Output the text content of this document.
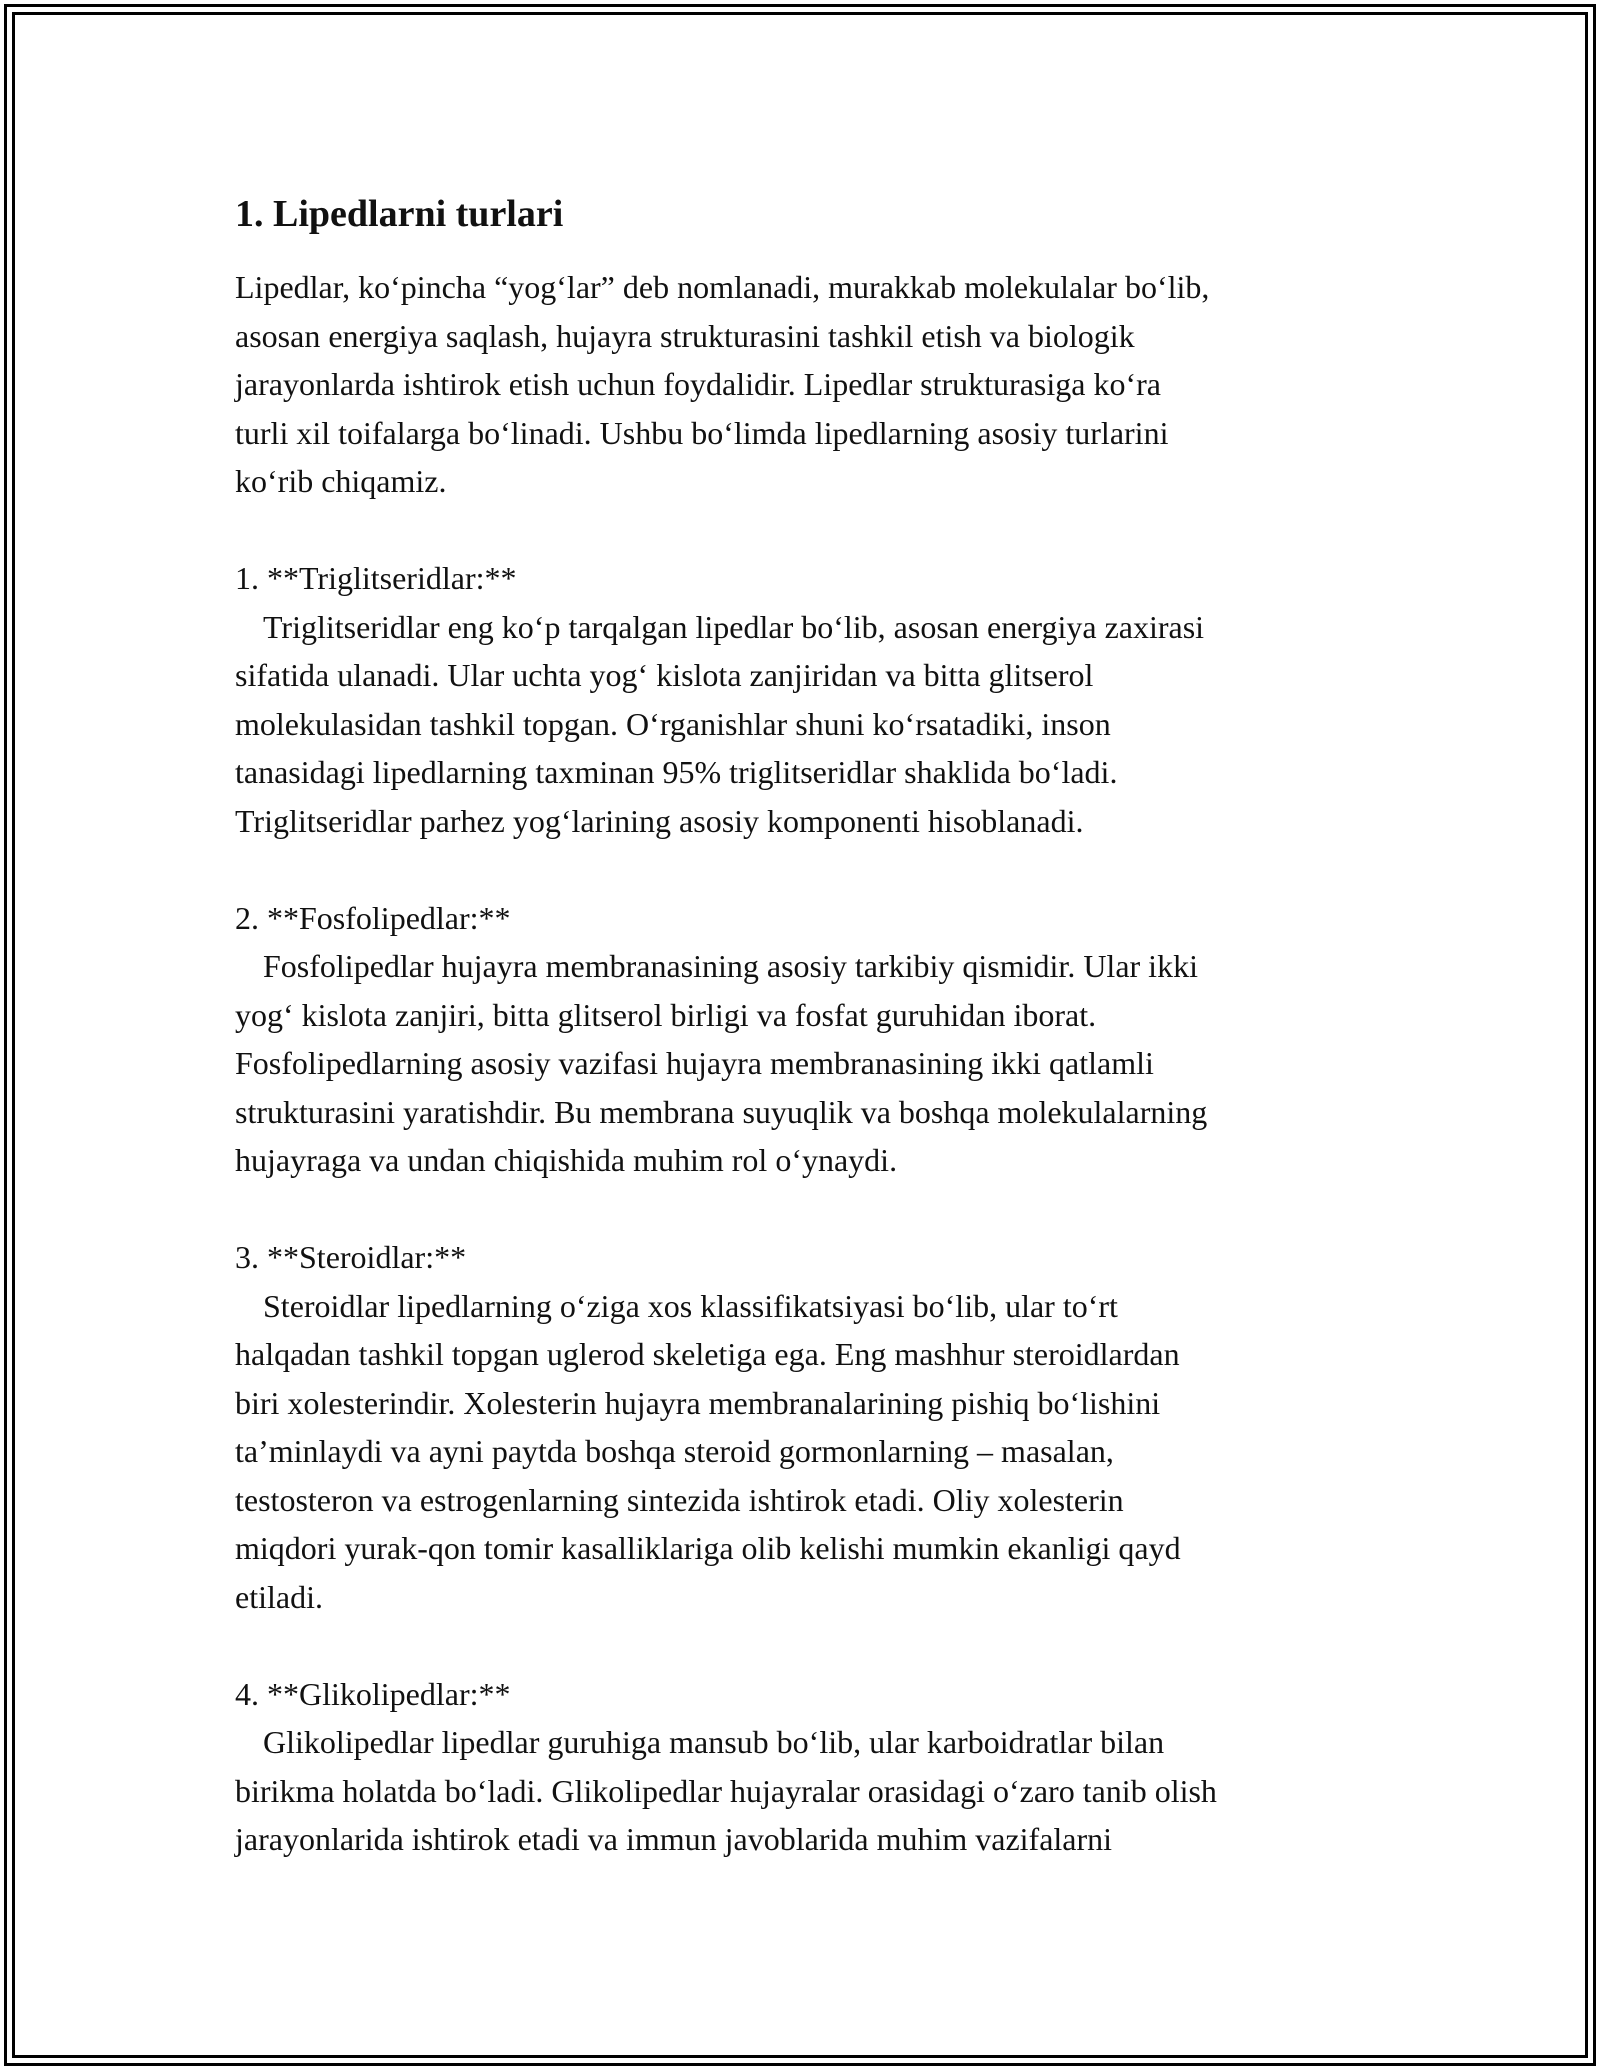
1. Lipedlarni turlari

Lipedlar, ko‘pincha “yog‘lar” deb nomlanadi, murakkab molekulalar bo‘lib,
asosan energiya saqlash, hujayra strukturasini tashkil etish va biologik
jarayonlarda ishtirok etish uchun foydalidir. Lipedlar strukturasiga ko‘ra
turli xil toifalarga bo‘linadi. Ushbu bo‘limda lipedlarning asosiy turlarini
ko‘rib chiqamiz.

1. **Triglitseridlar:**
Triglitseridlar eng ko‘p tarqalgan lipedlar bo‘lib, asosan energiya zaxirasi
sifatida ulanadi. Ular uchta yog‘ kislota zanjiridan va bitta glitserol
molekulasidan tashkil topgan. O‘rganishlar shuni ko‘rsatadiki, inson
tanasidagi lipedlarning taxminan 95% triglitseridlar shaklida bo‘ladi.
Triglitseridlar parhez yog‘larining asosiy komponenti hisoblanadi.
2. **Fosfolipedlar:**
Fosfolipedlar hujayra membranasining asosiy tarkibiy qismidir. Ular ikki
yog‘ kislota zanjiri, bitta glitserol birligi va fosfat guruhidan iborat.
Fosfolipedlarning asosiy vazifasi hujayra membranasining ikki qatlamli
strukturasini yaratishdir. Bu membrana suyuqlik va boshqa molekulalarning
hujayraga va undan chiqishida muhim rol o‘ynaydi.
3. **Steroidlar:**
Steroidlar lipedlarning o‘ziga xos klassifikatsiyasi bo‘lib, ular to‘rt
halqadan tashkil topgan uglerod skeletiga ega. Eng mashhur steroidlardan
biri xolesterindir. Xolesterin hujayra membranalarining pishiq bo‘lishini
ta’minlaydi va ayni paytda boshqa steroid gormonlarning – masalan,
testosteron va estrogenlarning sintezida ishtirok etadi. Oliy xolesterin
miqdori yurak-qon tomir kasalliklariga olib kelishi mumkin ekanligi qayd
etiladi.
4. **Glikolipedlar:**
Glikolipedlar lipedlar guruhiga mansub bo‘lib, ular karboidratlar bilan
birikma holatda bo‘ladi. Glikolipedlar hujayralar orasidagi o‘zaro tanib olish
jarayonlarida ishtirok etadi va immun javoblarida muhim vazifalarni
